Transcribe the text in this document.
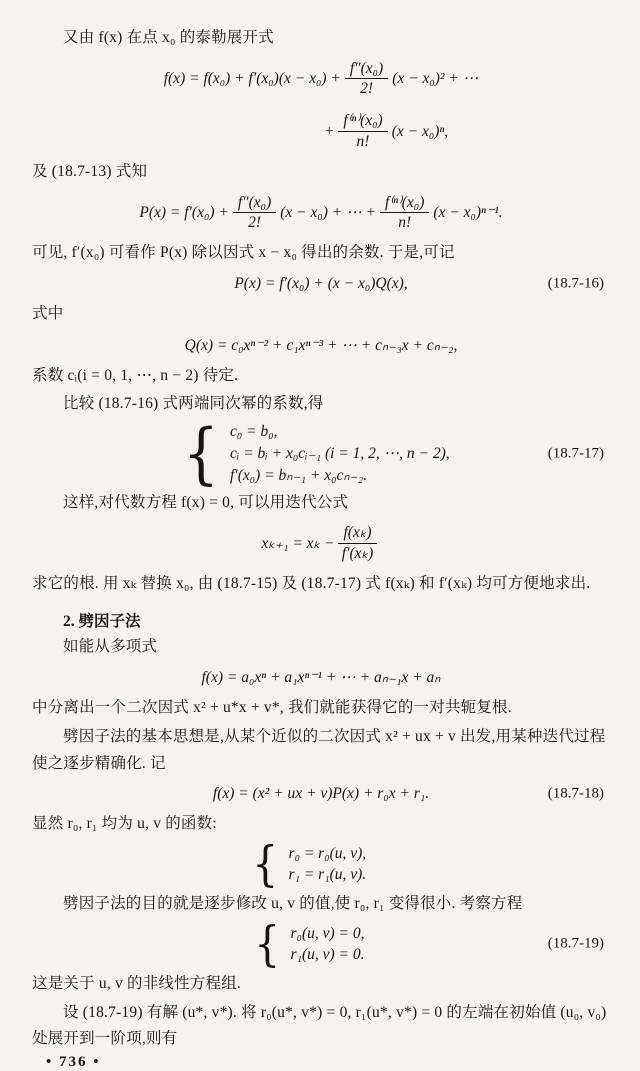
又由 f(x) 在点 x₀ 的泰勒展开式

$f(x) = f(x_0) + f'(x_0)(x - x_0) + \frac{\text{f″(x₀)}}{2!} (x - x_0)^2$ + ⋯
+ $\frac{\text{f⁽ⁿ⁾(x₀)}}{n!} (x - x_0)^n$,

及 (18.7-13) 式知

$P(x) = f'(x_0) + \frac{\text{f″(x₀)}}{2!} (x - x_0)$ + ⋯ + $\frac{\text{f⁽ⁿ⁾(x₀)}}{n!} (x - x_0)^{n-1}$.

可见, f′(x₀) 可看作 P(x) 除以因式 x − x₀ 得出的余数. 于是,可记

P(x) = f′(x₀) + (x − x₀)Q(x),	(18.7-16)

式中

Q(x) = c₀xⁿ⁻² + c₁xⁿ⁻³ + ⋯ + cₙ₋₃x + cₙ₋₂,

系数 cᵢ(i = 0, 1, ⋯, n − 2) 待定.

比较 (18.7-16) 式两端同次幂的系数,得

{ c₀ = b₀,
cᵢ = bᵢ + x₀cᵢ₋₁ (i = 1, 2, ⋯, n − 2),
f′(x₀) = bₙ₋₁ + x₀cₙ₋₂.
(18.7-17)

这样,对代数方程 f(x) = 0, 可以用迭代公式

$x_{k+1} = x_k - \frac{\text{f(xₖ)}}{\text{f′(xₖ)}}$

求它的根. 用 xₖ 替换 x₀, 由 (18.7-15) 及 (18.7-17) 式 f(xₖ) 和 f′(xₖ) 均可方便地求出.

2. 劈因子法

如能从多项式

f(x) = a₀xⁿ + a₁xⁿ⁻¹ + ⋯ + aₙ₋₁x + aₙ

中分离出一个二次因式 x² + u*x + v*, 我们就能获得它的一对共轭复根.

劈因子法的基本思想是,从某个近似的二次因式 x² + ux + v 出发,用某种迭代过程使之逐步精确化. 记

f(x) = (x² + ux + v)P(x) + r₀x + r₁.	(18.7-18)

显然 r₀, r₁ 均为 u, v 的函数:

{ r₀ = r₀(u, v),
r₁ = r₁(u, v).

劈因子法的目的就是逐步修改 u, v 的值,使 r₀, r₁ 变得很小. 考察方程

{ r₀(u, v) = 0,
r₁(u, v) = 0.
(18.7-19)

这是关于 u, v 的非线性方程组.

设 (18.7-19) 有解 (u*, v*). 将 r₀(u*, v*) = 0, r₁(u*, v*) = 0 的左端在初始值 (u₀, v₀) 处展开到一阶项,则有

• 736 •
